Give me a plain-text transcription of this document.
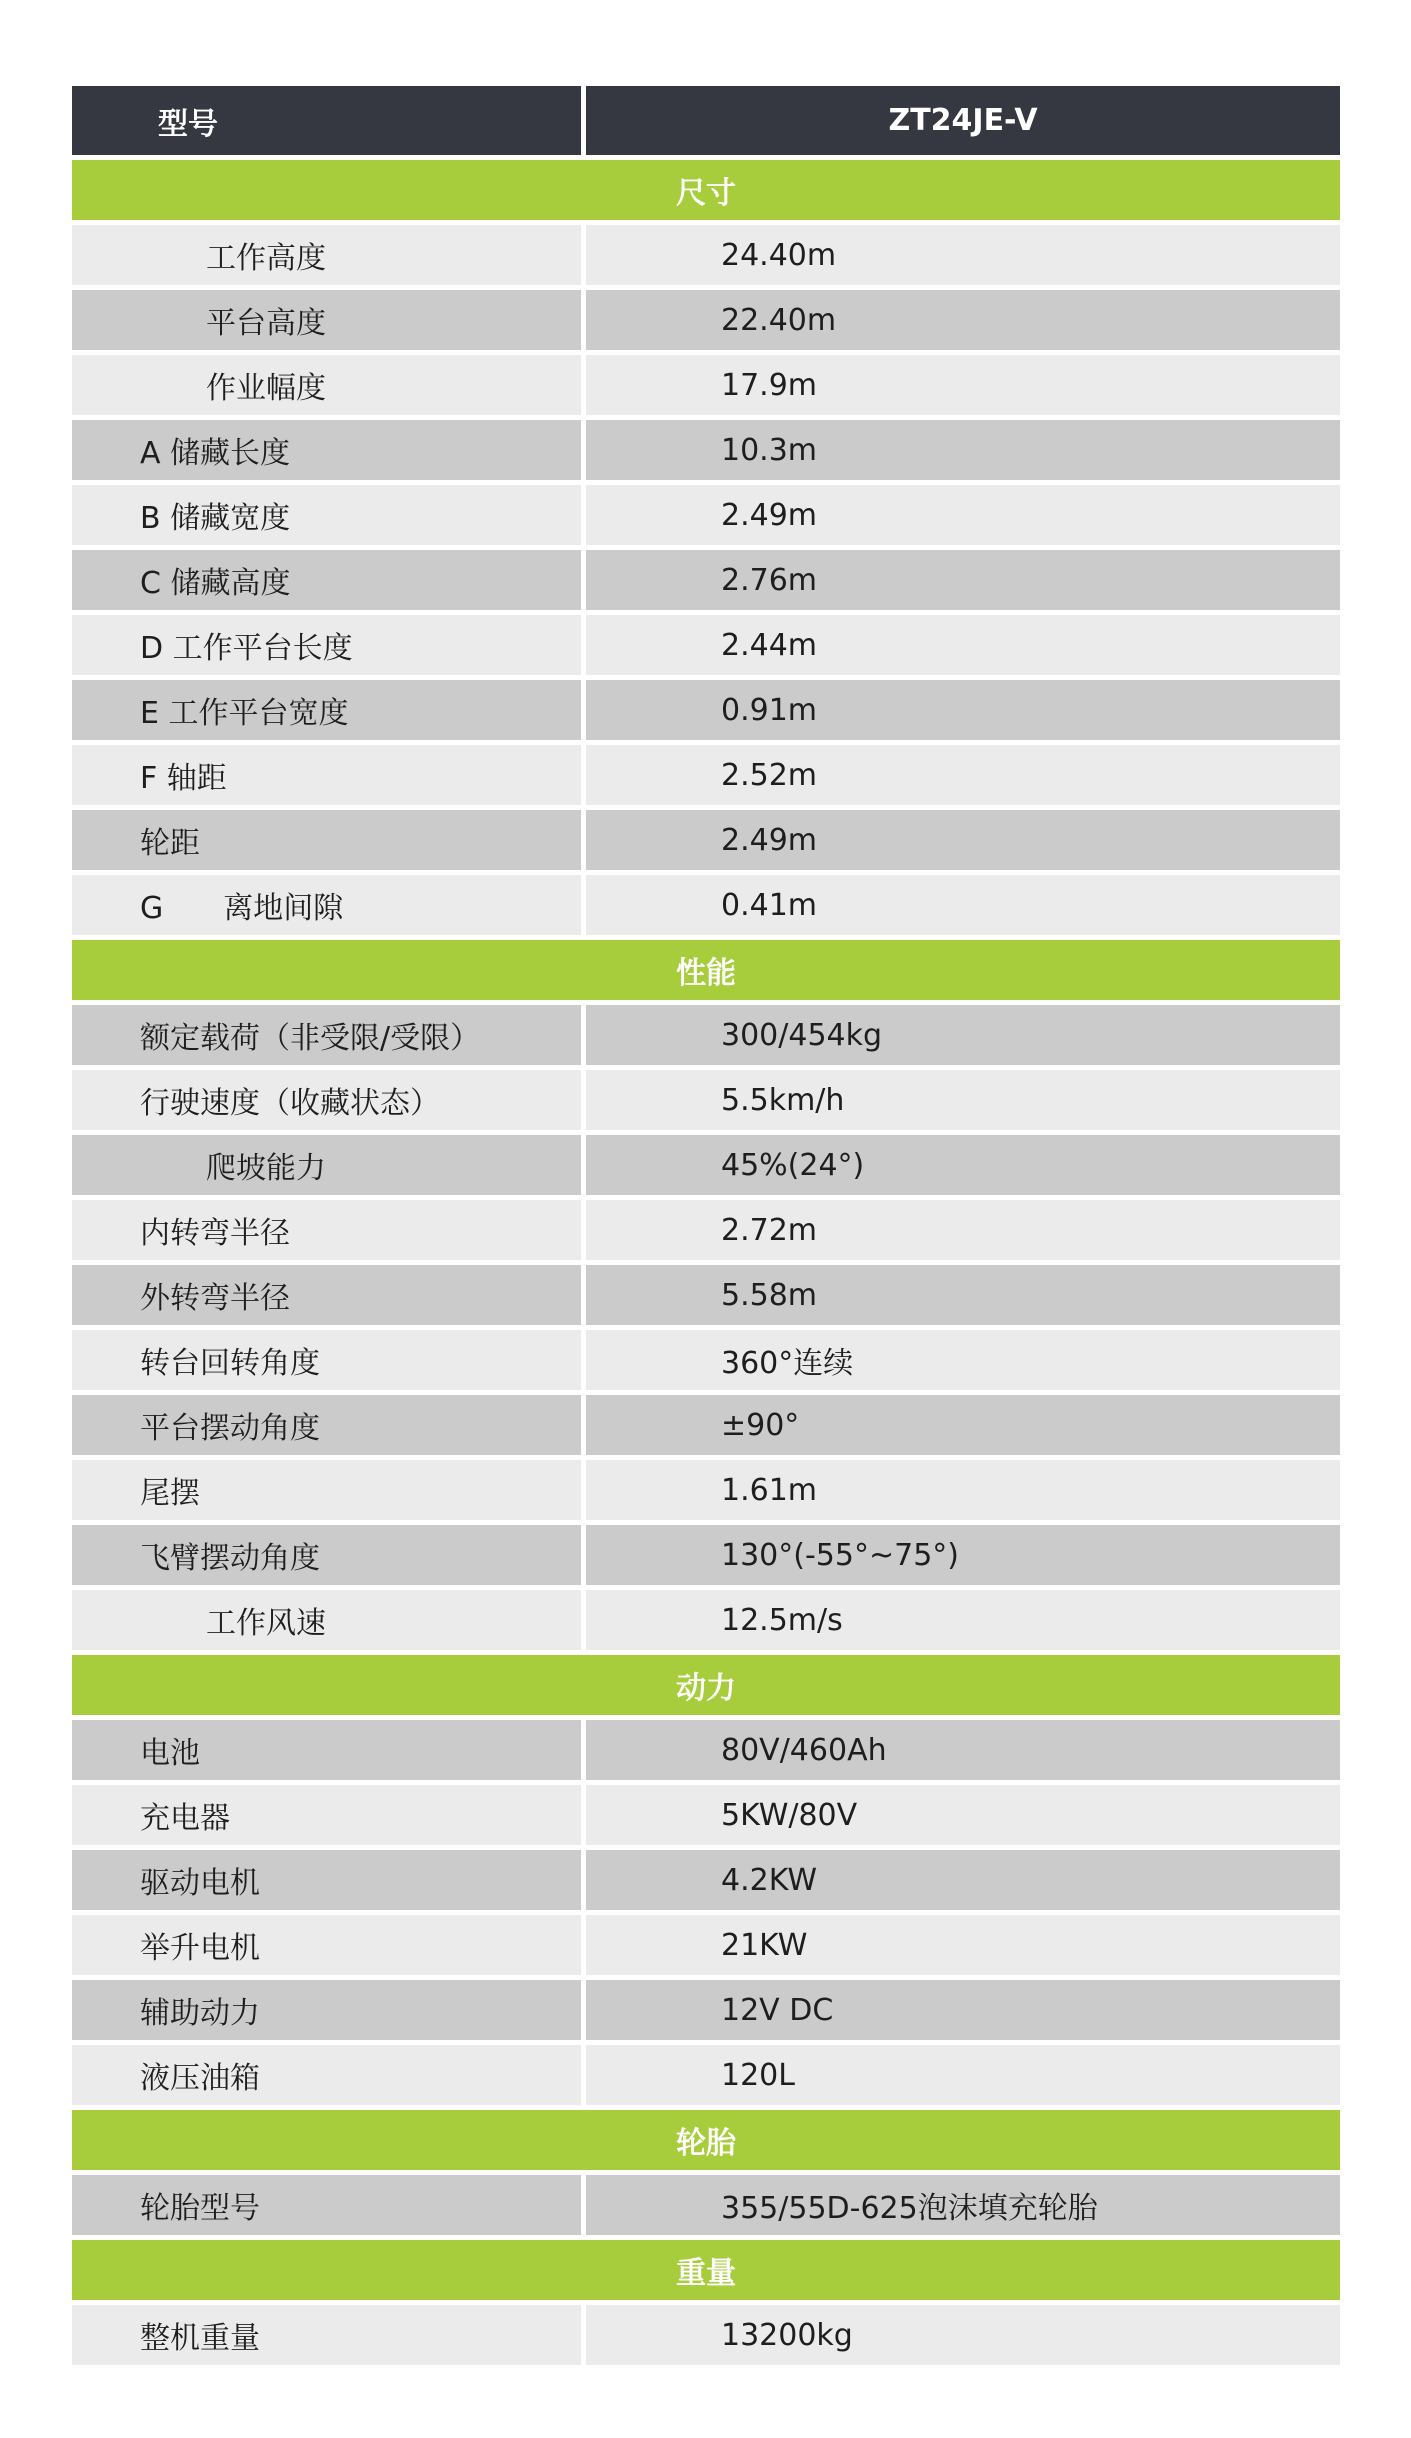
型号	ZT24JE-V
尺寸
工作高度	24.40m
平台高度	22.40m
作业幅度	17.9m
A 储藏长度	10.3m
B 储藏宽度	2.49m
C 储藏高度	2.76m
D 工作平台长度	2.44m
E 工作平台宽度	0.91m
F 轴距	2.52m
轮距	2.49m
G　　离地间隙	0.41m
性能
额定载荷（非受限/受限）	300/454kg
行驶速度（收藏状态）	5.5km/h
爬坡能力	45%(24°)
内转弯半径	2.72m
外转弯半径	5.58m
转台回转角度	360°连续
平台摆动角度	±90°
尾摆	1.61m
飞臂摆动角度	130°(-55°~75°)
工作风速	12.5m/s
动力
电池	80V/460Ah
充电器	5KW/80V
驱动电机	4.2KW
举升电机	21KW
辅助动力	12V DC
液压油箱	120L
轮胎
轮胎型号	355/55D-625泡沫填充轮胎
重量
整机重量	13200kg
